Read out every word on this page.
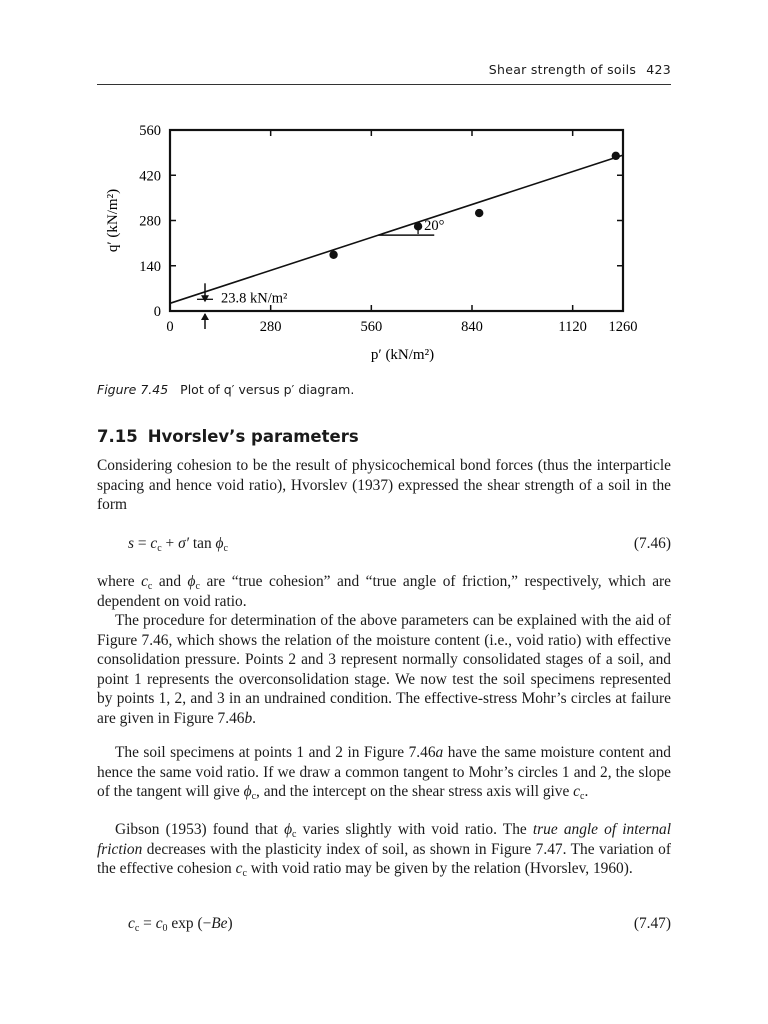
Shear strength of soils 423
0	280	560	840	1120 1260
0
140
280
420
560
p′ (kN/m²)
q′ (kN/m²)
23.8 kN/m²
20°
Figure 7.45 Plot of q′ versus p′ diagram.
7.15 Hvorslev’s parameters
Considering cohesion to be the result of physicochemical bond forces (thus the interparticle spacing and hence void ratio), Hvorslev (1937) expressed the shear strength of a soil in the form
$s = c_c + \sigma'$ $\tan \phi_c$	(7.46)
where $c_c$ and $\phi_c$ are “true cohesion” and “true angle of friction,” respectively, which are dependent on void ratio.
The procedure for determination of the above parameters can be explained with the aid of Figure 7.46, which shows the relation of the moisture content (i.e., void ratio) with effective consolidation pressure. Points 2 and 3 represent normally consolidated stages of a soil, and point 1 represents the overconsolidation stage. We now test the soil specimens represented by points 1, 2, and 3 in an undrained condition. The effective-stress Mohr’s circles at failure are given in Figure 7.46b.
The soil specimens at points 1 and 2 in Figure 7.46a have the same moisture content and hence the same void ratio. If we draw a common tangent to Mohr’s circles 1 and 2, the slope of the tangent will give $\phi_c$, and the intercept on the shear stress axis will give $c_c$.
Gibson (1953) found that $\phi_c$ varies slightly with void ratio. The true angle of internal friction decreases with the plasticity index of soil, as shown in Figure 7.47. The variation of the effective cohesion $c_c$ with void ratio may be given by the relation (Hvorslev, 1960).
$c_c = c_0$ exp (−Be)	(7.47)
